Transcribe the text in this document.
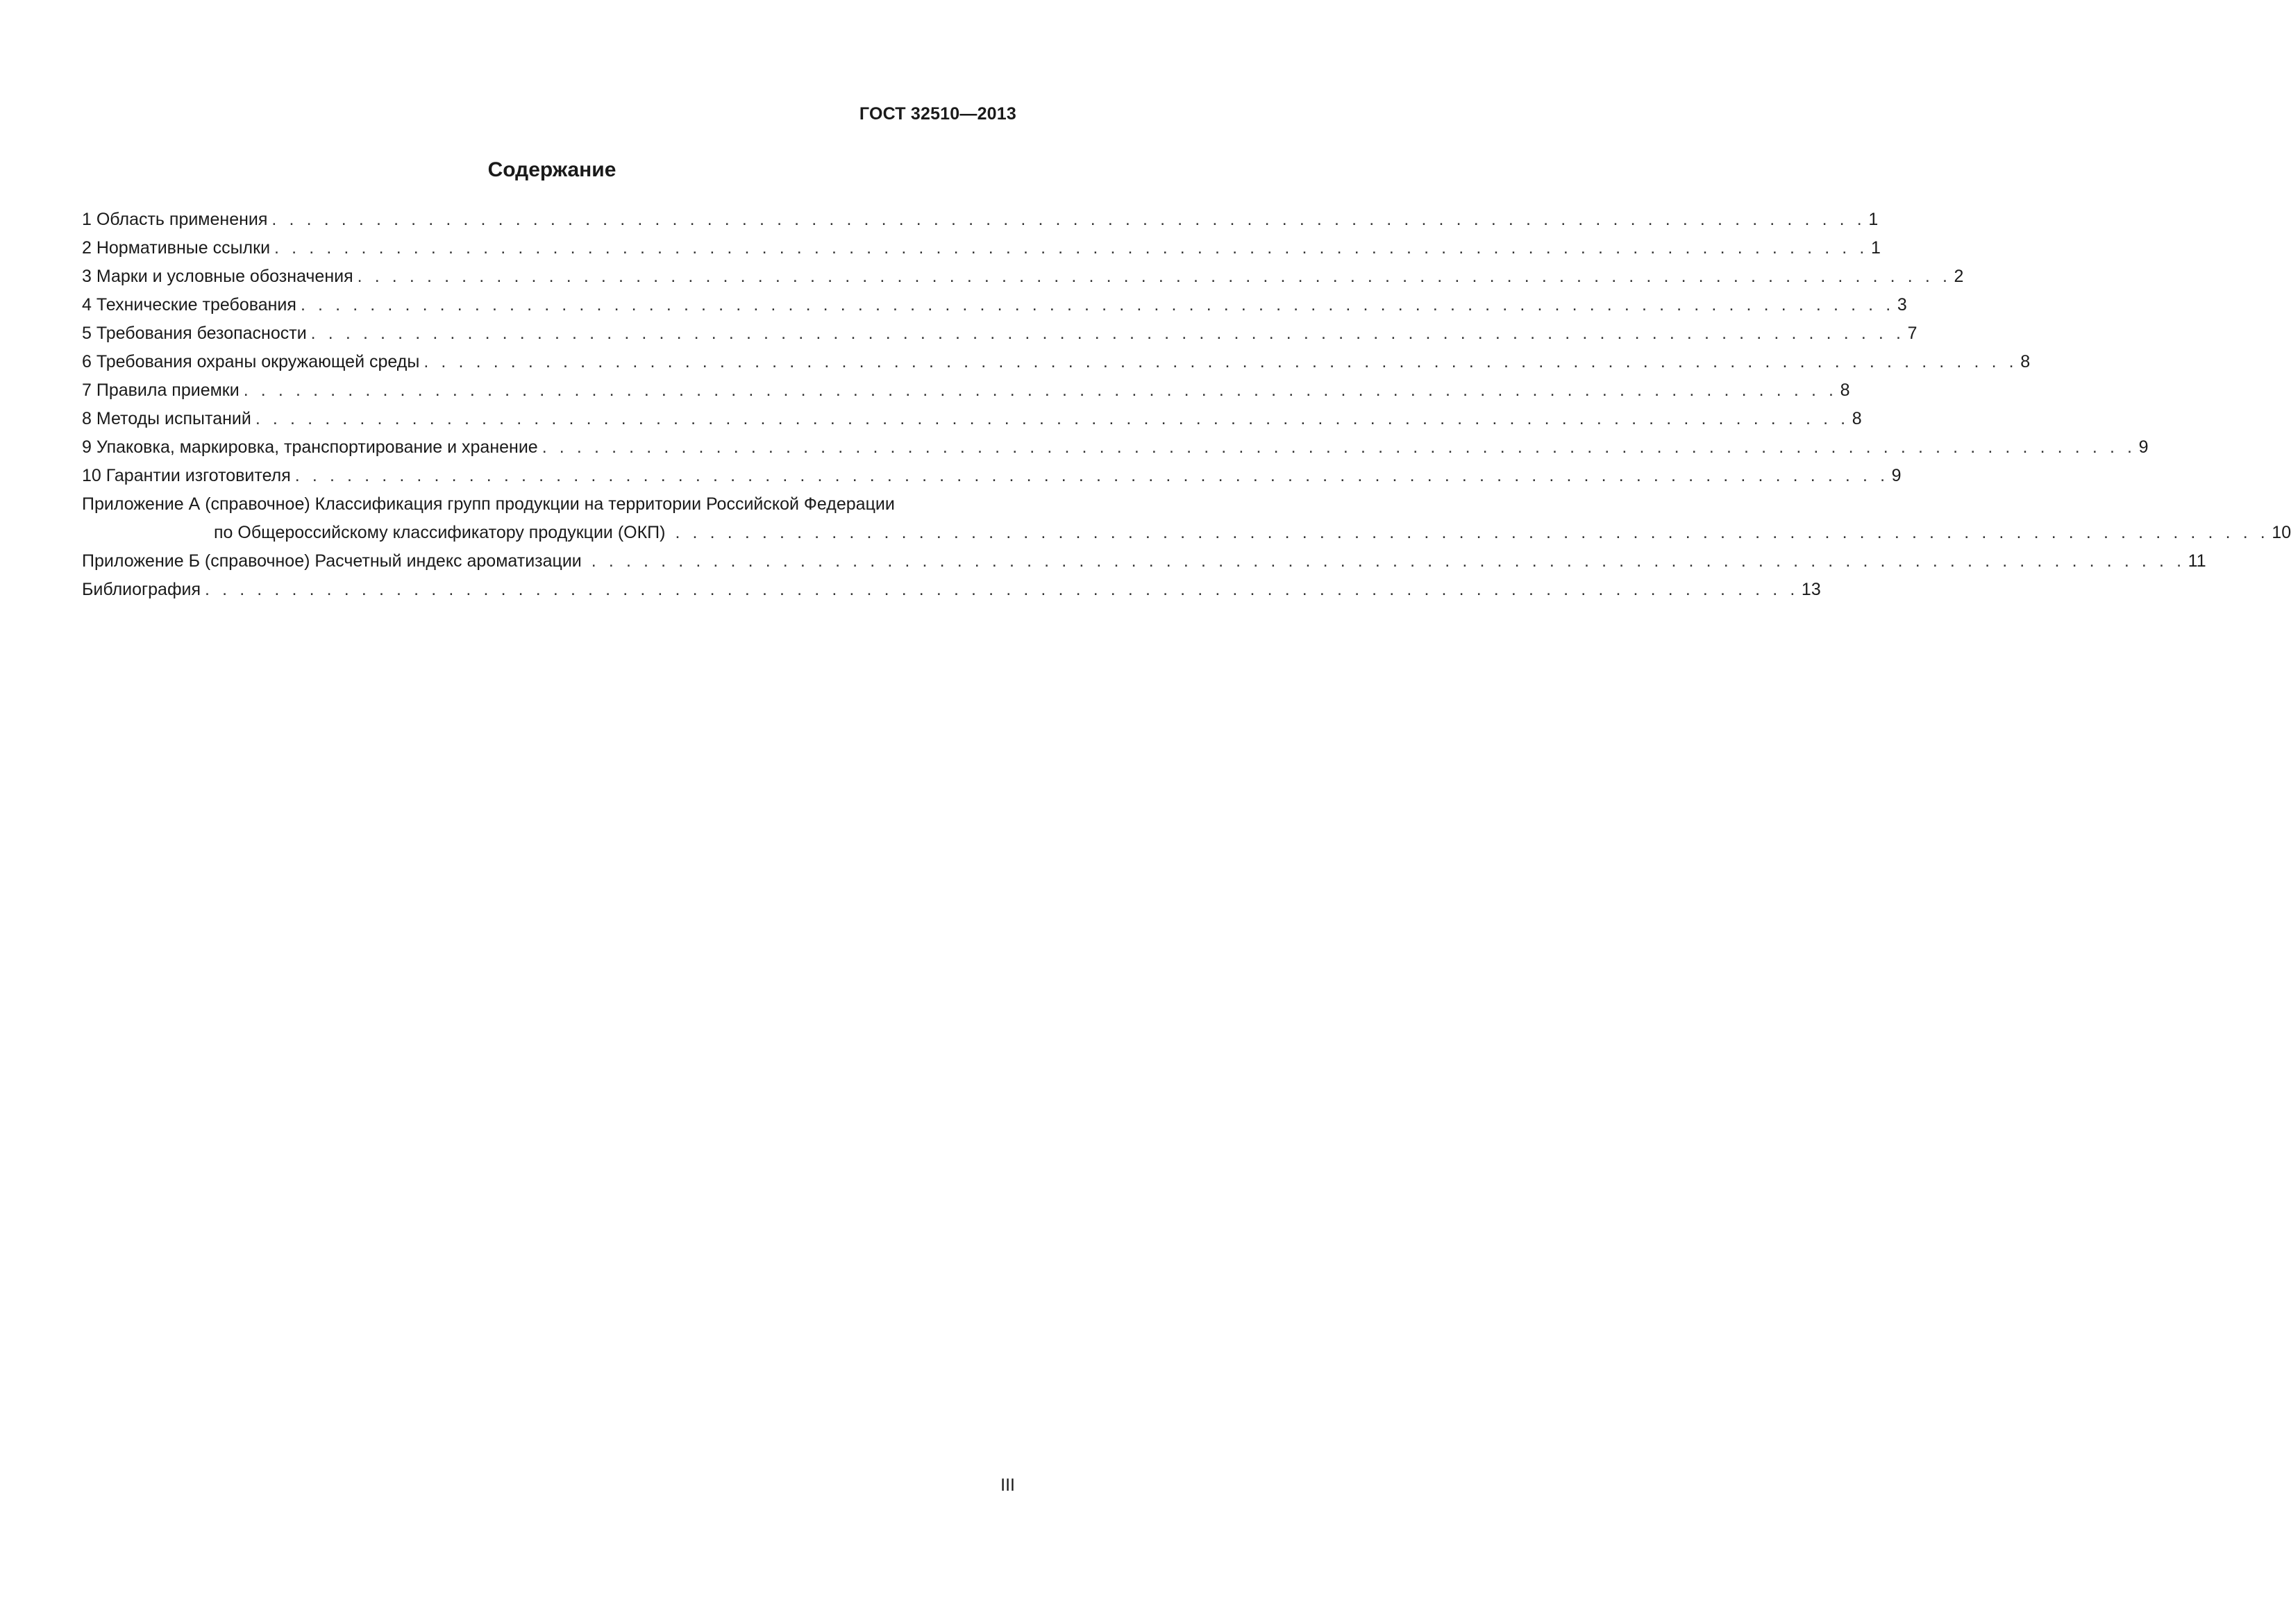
ГОСТ 32510—2013

Содержание
1 Область применения . . . . . . . . . . . . . . . . . . . . . . . . . . . . . . . . . . . . . . . . . . . . . . . . . . . . . . . . . . . . . . . . . . . . . . . . . . . . . . . . . . . . . . . . . . . . 1
2 Нормативные ссылки . . . . . . . . . . . . . . . . . . . . . . . . . . . . . . . . . . . . . . . . . . . . . . . . . . . . . . . . . . . . . . . . . . . . . . . . . . . . . . . . . . . . . . . . . . . . 1
3 Марки и условные обозначения . . . . . . . . . . . . . . . . . . . . . . . . . . . . . . . . . . . . . . . . . . . . . . . . . . . . . . . . . . . . . . . . . . . . . . . . . . . . . . . . . . . . . . . . . . . . 2
4 Технические требования . . . . . . . . . . . . . . . . . . . . . . . . . . . . . . . . . . . . . . . . . . . . . . . . . . . . . . . . . . . . . . . . . . . . . . . . . . . . . . . . . . . . . . . . . . . . 3
5 Требования безопасности . . . . . . . . . . . . . . . . . . . . . . . . . . . . . . . . . . . . . . . . . . . . . . . . . . . . . . . . . . . . . . . . . . . . . . . . . . . . . . . . . . . . . . . . . . . . 7
6 Требования охраны окружающей среды . . . . . . . . . . . . . . . . . . . . . . . . . . . . . . . . . . . . . . . . . . . . . . . . . . . . . . . . . . . . . . . . . . . . . . . . . . . . . . . . . . . . . . . . . . . . 8
7 Правила приемки . . . . . . . . . . . . . . . . . . . . . . . . . . . . . . . . . . . . . . . . . . . . . . . . . . . . . . . . . . . . . . . . . . . . . . . . . . . . . . . . . . . . . . . . . . . . 8
8 Методы испытаний . . . . . . . . . . . . . . . . . . . . . . . . . . . . . . . . . . . . . . . . . . . . . . . . . . . . . . . . . . . . . . . . . . . . . . . . . . . . . . . . . . . . . . . . . . . . 8
9 Упаковка, маркировка, транспортирование и хранение . . . . . . . . . . . . . . . . . . . . . . . . . . . . . . . . . . . . . . . . . . . . . . . . . . . . . . . . . . . . . . . . . . . . . . . . . . . . . . . . . . . . . . . . . . . . 9
10 Гарантии изготовителя . . . . . . . . . . . . . . . . . . . . . . . . . . . . . . . . . . . . . . . . . . . . . . . . . . . . . . . . . . . . . . . . . . . . . . . . . . . . . . . . . . . . . . . . . . . . 9
Приложение А (справочное) Классификация групп продукции на территории Российской Федерации
по Общероссийскому классификатору продукции (ОКП) . . . . . . . . . . . . . . . . . . . . . . . . . . . . . . . . . . . . . . . . . . . . . . . . . . . . . . . . . . . . . . . . . . . . . . . . . . . . . . . . . . . . . . . . . . . . 10
Приложение Б (справочное) Расчетный индекс ароматизации . . . . . . . . . . . . . . . . . . . . . . . . . . . . . . . . . . . . . . . . . . . . . . . . . . . . . . . . . . . . . . . . . . . . . . . . . . . . . . . . . . . . . . . . . . . . 11
Библиография . . . . . . . . . . . . . . . . . . . . . . . . . . . . . . . . . . . . . . . . . . . . . . . . . . . . . . . . . . . . . . . . . . . . . . . . . . . . . . . . . . . . . . . . . . . . 13

III
